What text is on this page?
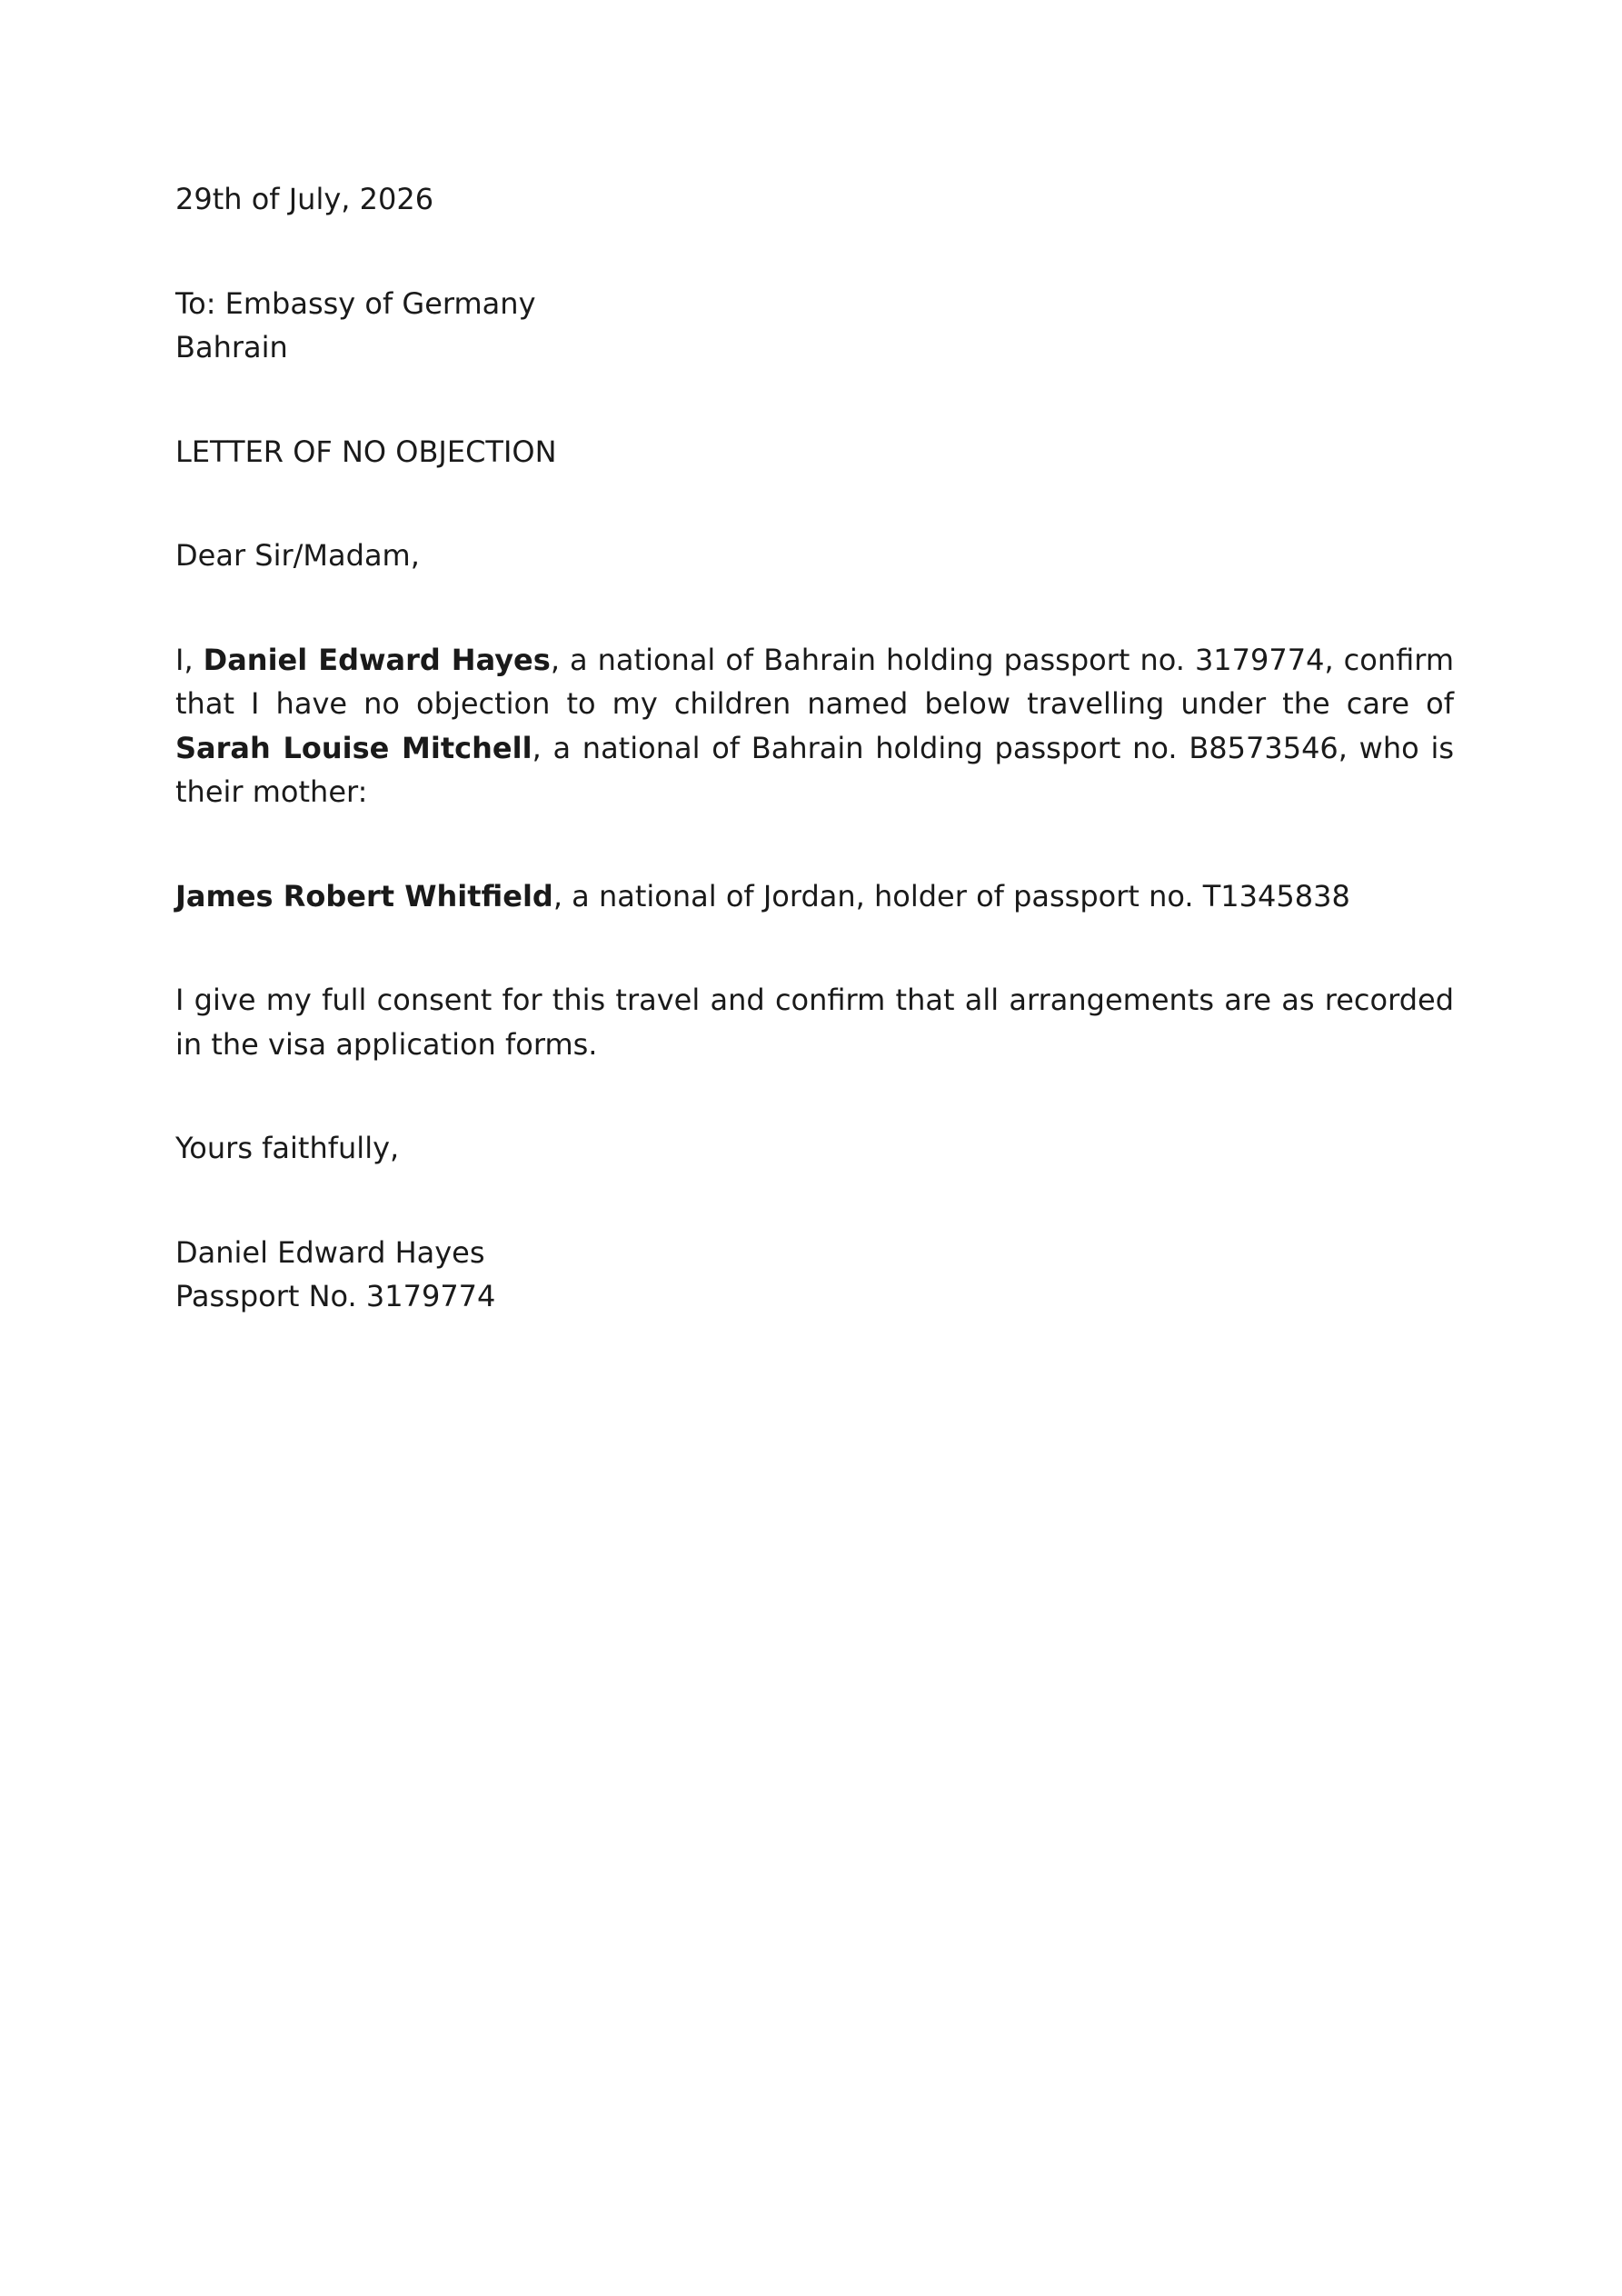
29th of July, 2026

To: Embassy of Germany

Bahrain

LETTER OF NO OBJECTION

Dear Sir/Madam,

I, Daniel Edward Hayes, a national of Bahrain holding passport no. 3179774, confirm that I have no objection to my children named below travelling under the care of Sarah Louise Mitchell, a national of Bahrain holding passport no. B8573546, who is their mother:

James Robert Whitfield, a national of Jordan, holder of passport no. T1345838

I give my full consent for this travel and confirm that all arrangements are as recorded in the visa application forms.

Yours faithfully,

Daniel Edward Hayes

Passport No. 3179774
